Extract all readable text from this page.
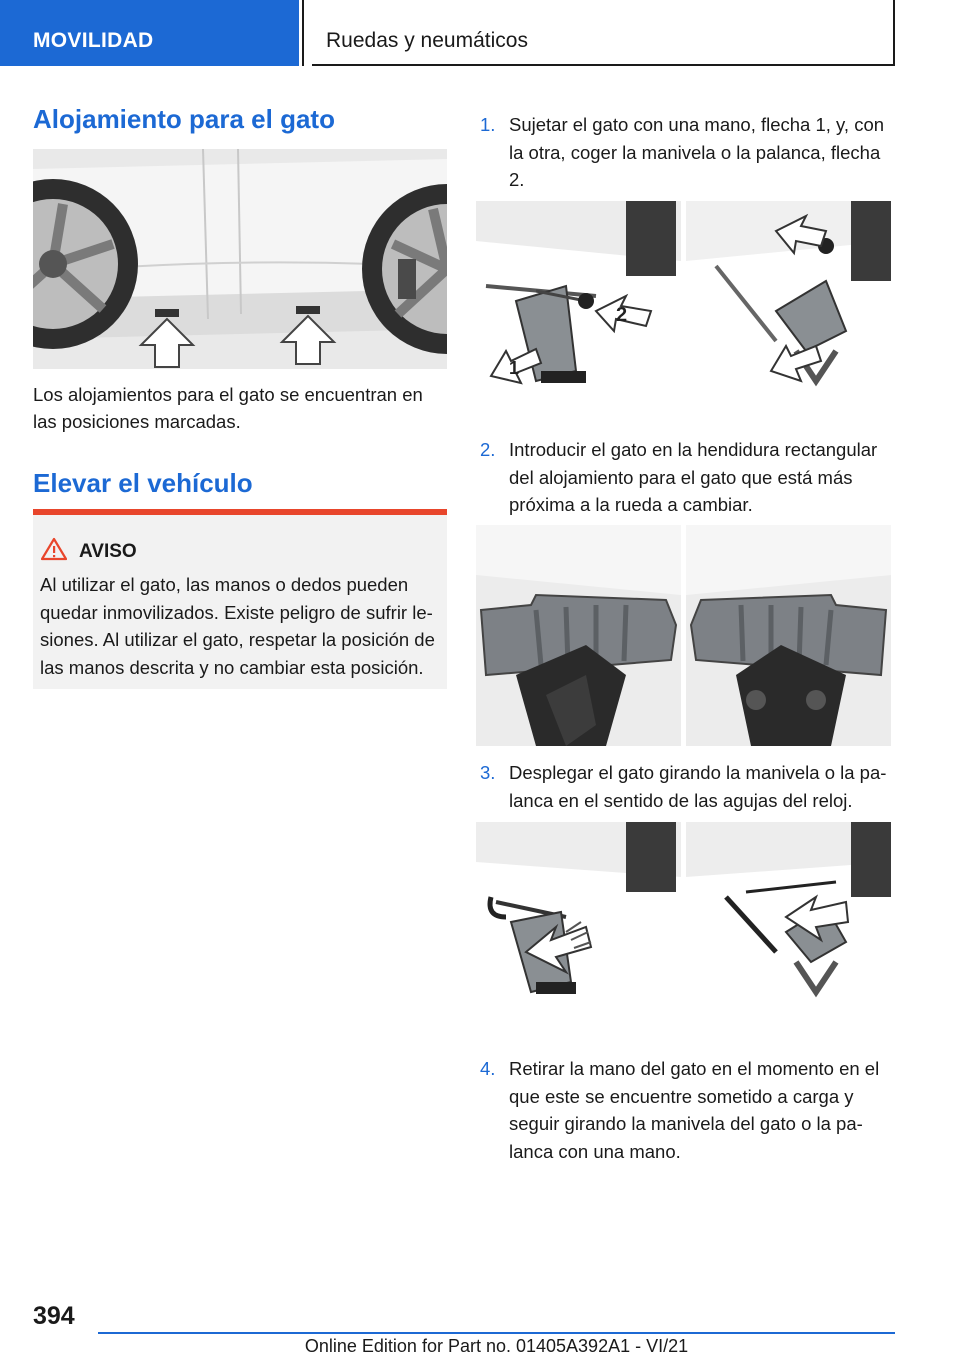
MOVILIDAD	Ruedas y neumáticos
Alojamiento para el gato
Los alojamientos para el gato se encuentran en las posiciones marcadas.
Elevar el vehículo
AVISO
Al utilizar el gato, las manos o dedos pueden quedar inmovilizados. Existe peligro de sufrir lesiones. Al utilizar el gato, respetar la posición de las manos descrita y no cambiar esta posición.
1. Sujetar el gato con una mano, flecha 1, y, con la otra, coger la manivela o la palanca, flecha 2.
2
1
2. Introducir el gato en la hendidura rectangular del alojamiento para el gato que está más próxima a la rueda a cambiar.
3. Desplegar el gato girando la manivela o la palanca en el sentido de las agujas del reloj.
4. Retirar la mano del gato en el momento en el que este se encuentre sometido a carga y seguir girando la manivela del gato o la palanca con una mano.
394
Online Edition for Part no. 01405A392A1 - VI/21
